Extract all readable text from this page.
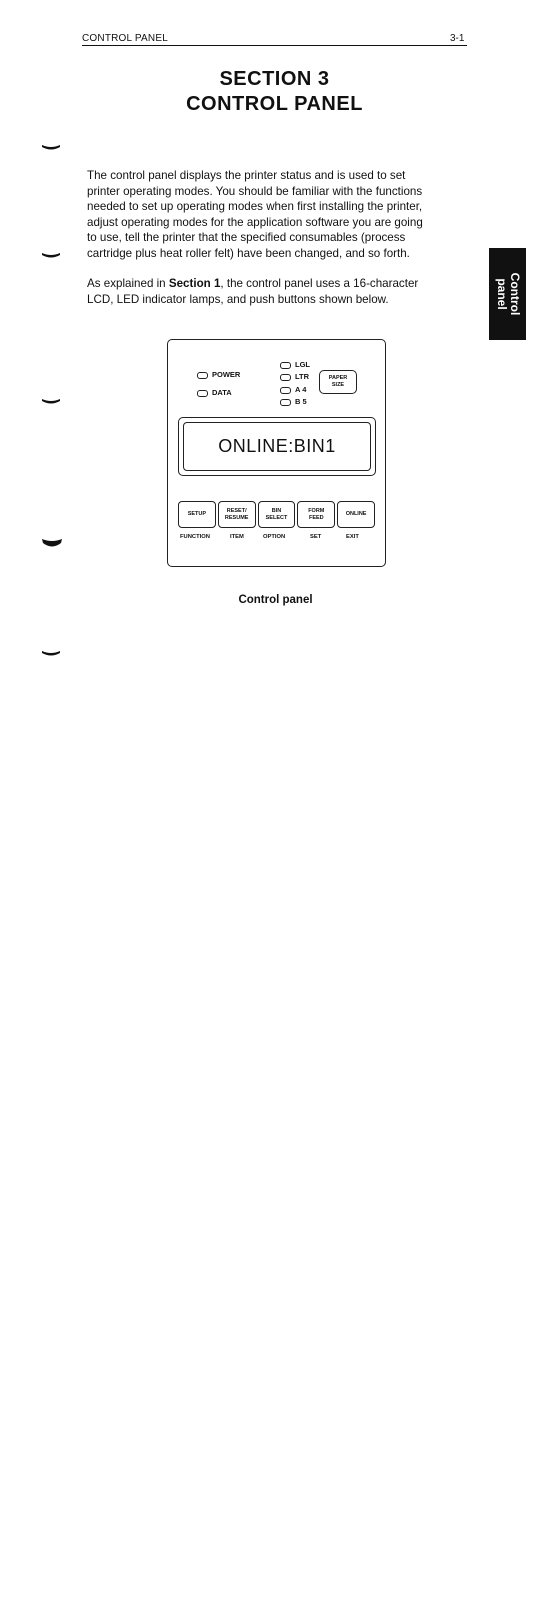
CONTROL PANEL	3-1
SECTION 3
CONTROL PANEL
The control panel displays the printer status and is used to set
printer operating modes. You should be familiar with the functions
needed to set up operating modes when first installing the printer,
adjust operating modes for the application software you are going
to use, tell the printer that the specified consumables (process
cartridge plus heat roller felt) have been changed, and so forth.
As explained in Section 1, the control panel uses a 16-character
LCD, LED indicator lamps, and push buttons shown below.	Control
panel
POWER
DATA
LGL
LTR
A 4
B 5
PAPER
SIZE
ONLINE:BIN1
SETUP
RESET/
RESUME
BIN
SELECT
FORM
FEED
ONLINE
FUNCTION	ITEM	OPTION	SET	EXIT
Control panel
